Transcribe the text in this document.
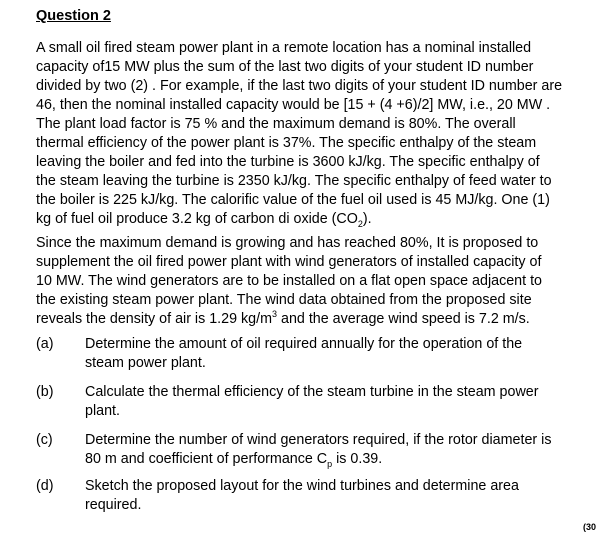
Question 2
A small oil fired steam power plant in a remote location has a nominal installed
capacity of15 MW plus the sum of the last two digits of your student ID number
divided by two (2) . For example, if the last two digits of your student ID number are
46, then the nominal installed capacity would be [15 + (4 +6)/2] MW, i.e., 20 MW .
The plant load factor is 75 % and the maximum demand is 80%. The overall
thermal efficiency of the power plant is 37%. The specific enthalpy of the steam
leaving the boiler and fed into the turbine is 3600 kJ/kg. The specific enthalpy of
the steam leaving the turbine is 2350 kJ/kg. The specific enthalpy of feed water to
the boiler is 225 kJ/kg. The calorific value of the fuel oil used is 45 MJ/kg. One (1)
kg of fuel oil produce 3.2 kg of carbon di oxide $(CO_2)$.
Since the maximum demand is growing and has reached 80%, It is proposed to
supplement the oil fired power plant with wind generators of installed capacity of
10 MW. The wind generators are to be installed on a flat open space adjacent to
the existing steam power plant. The wind data obtained from the proposed site
reveals the density of air is 1.29 $kg/m^3$ and the average wind speed is 7.2 m/s.
(a) Determine the amount of oil required annually for the operation of the
steam power plant.
(b) Calculate the thermal efficiency of the steam turbine in the steam power
plant.
(c) Determine the number of wind generators required, if the rotor diameter is
80 m and coefficient of performance $C_p$ is 0.39.
(d) Sketch the proposed layout for the wind turbines and determine area
required.
(30
